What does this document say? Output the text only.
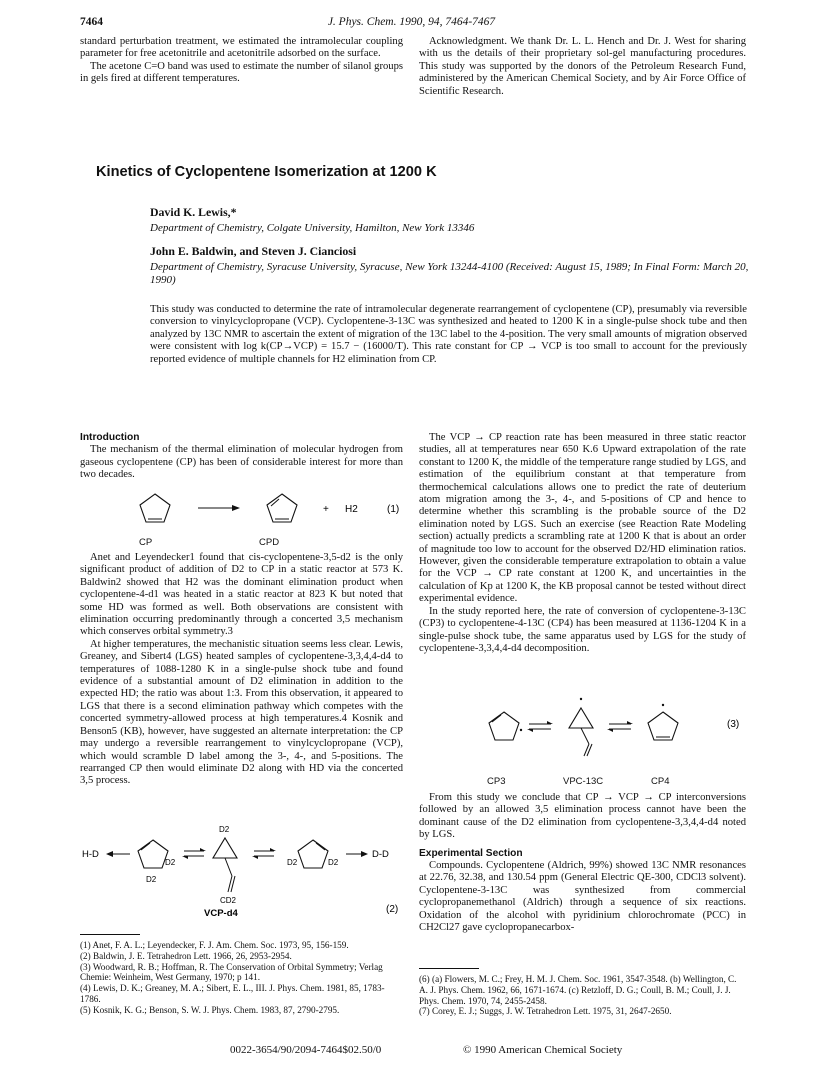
7464	J. Phys. Chem. 1990, 94, 7464-7467

standard perturbation treatment, we estimated the intramolecular coupling parameter for free acetonitrile and acetonitrile adsorbed on the surface.

The acetone C=O band was used to estimate the number of silanol groups in gels fired at different temperatures.

Acknowledgment. We thank Dr. L. L. Hench and Dr. J. West for sharing with us the details of their proprietary sol-gel manufacturing procedures. This study was supported by the donors of the Petroleum Research Fund, administered by the American Chemical Society, and by Air Force Office of Scientific Research.

Kinetics of Cyclopentene Isomerization at 1200 K
David K. Lewis,*
Department of Chemistry, Colgate University, Hamilton, New York 13346
John E. Baldwin, and Steven J. Cianciosi
Department of Chemistry, Syracuse University, Syracuse, New York 13244-4100 (Received: August 15, 1989; In Final Form: March 20, 1990)
This study was conducted to determine the rate of intramolecular degenerate rearrangement of cyclopentene (CP), presumably via reversible conversion to vinylcyclopropane (VCP). Cyclopentene-3-13C was synthesized and heated to 1200 K in a single-pulse shock tube and then analyzed by 13C NMR to ascertain the extent of migration of the 13C label to the 4-position. The very small amounts of migration observed were consistent with log k(CP→VCP) = 15.7 − (16000/T). This rate constant for CP → VCP is too small to account for the previously reported evidence of multiple channels for H2 elimination from CP.
Introduction

The mechanism of the thermal elimination of molecular hydrogen from gaseous cyclopentene (CP) has been of considerable interest for more than two decades.

+ H2	(1)
CP	CPD

Anet and Leyendecker1 found that cis-cyclopentene-3,5-d2 is the only significant product of addition of D2 to CP in a static reactor at 573 K. Baldwin2 showed that H2 was the dominant elimination product when cyclopentene-4-d1 was heated in a static reactor at 823 K but noted that some HD was formed as well. Both observations are consistent with elimination occurring predominantly through a concerted 3,5 mechanism which conserves orbital symmetry.3

At higher temperatures, the mechanistic situation seems less clear. Lewis, Greaney, and Sibert4 (LGS) heated samples of cyclopentene-3,3,4,4-d4 to temperatures of 1088-1280 K in a single-pulse shock tube and found evidence of a substantial amount of D2 elimination in addition to the expected HD; the ratio was about 1:3. From this observation, it appeared to LGS that there is a second elimination pathway which competes with the concerted symmetry-allowed process at high temperatures.4 Kosnik and Benson5 (KB), however, have suggested an alternate interpretation: the CP may undergo a reversible rearrangement to vinylcyclopropane (VCP), which would scramble D label among the 3-, 4-, and 5-positions. The rearranged CP then would eliminate D2 along with HD via the concerted 3,5 process.

H-D
D2
D2
D2
CD2
VCP-d4
D2	D2
D-D
(2)
(1) Anet, F. A. L.; Leyendecker, F. J. Am. Chem. Soc. 1973, 95, 156-159.
(2) Baldwin, J. E. Tetrahedron Lett. 1966, 26, 2953-2954.
(3) Woodward, R. B.; Hoffman, R. The Conservation of Orbital Symmetry; Verlag Chemie: Weinheim, West Germany, 1970; p 141.
(4) Lewis, D. K.; Greaney, M. A.; Sibert, E. L., III. J. Phys. Chem. 1981, 85, 1783-1786.
(5) Kosnik, K. G.; Benson, S. W. J. Phys. Chem. 1983, 87, 2790-2795.

The VCP → CP reaction rate has been measured in three static reactor studies, all at temperatures near 650 K.6 Upward extrapolation of the rate constant to 1200 K, the middle of the temperature range studied by LGS, and estimation of the equilibrium constant at that temperature from thermochemical calculations allows one to predict the rate of deuterium atom migration among the 3-, 4-, and 5-positions of CP and hence to determine whether this scrambling is the probable source of the D2 elimination noted by LGS. Such an exercise (see Reaction Rate Modeling section) actually predicts a scrambling rate at 1200 K that is about an order of magnitude too low to account for the observed D2/HD elimination ratios. However, given the considerable temperature extrapolation to obtain a value for the VCP → CP rate constant at 1200 K, and uncertainties in the calculation of Kp at 1200 K, the KB proposal cannot be tested without direct experimental evidence.

In the study reported here, the rate of conversion of cyclopentene-3-13C (CP3) to cyclopentene-4-13C (CP4) has been measured at 1136-1204 K in a single-pulse shock tube, the same apparatus used by LGS for the study of cyclopentene-3,3,4,4-d4 decomposition.

(3)
CP3	VPC-13C	CP4

From this study we conclude that CP → VCP → CP interconversions followed by an allowed 3,5 elimination process cannot have been the dominant cause of the D2 elimination from cyclopentene-3,3,4,4-d4 noted by LGS.

Experimental Section

Compounds. Cyclopentene (Aldrich, 99%) showed 13C NMR resonances at 22.76, 32.38, and 130.54 ppm (General Electric QE-300, CDCl3 solvent). Cyclopentene-3-13C was synthesized from commercial cyclopropanemethanol (Aldrich) through a sequence of six reactions. Oxidation of the alcohol with pyridinium chlorochromate (PCC) in CH2Cl27 gave cyclopropanecarbox-

(6) (a) Flowers, M. C.; Frey, H. M. J. Chem. Soc. 1961, 3547-3548. (b) Wellington, C. A. J. Phys. Chem. 1962, 66, 1671-1674. (c) Retzloff, D. G.; Coull, B. M.; Coull, J. J. Phys. Chem. 1970, 74, 2455-2458.
(7) Corey, E. J.; Suggs, J. W. Tetrahedron Lett. 1975, 31, 2647-2650.
0022-3654/90/2094-7464$02.50/0	© 1990 American Chemical Society
